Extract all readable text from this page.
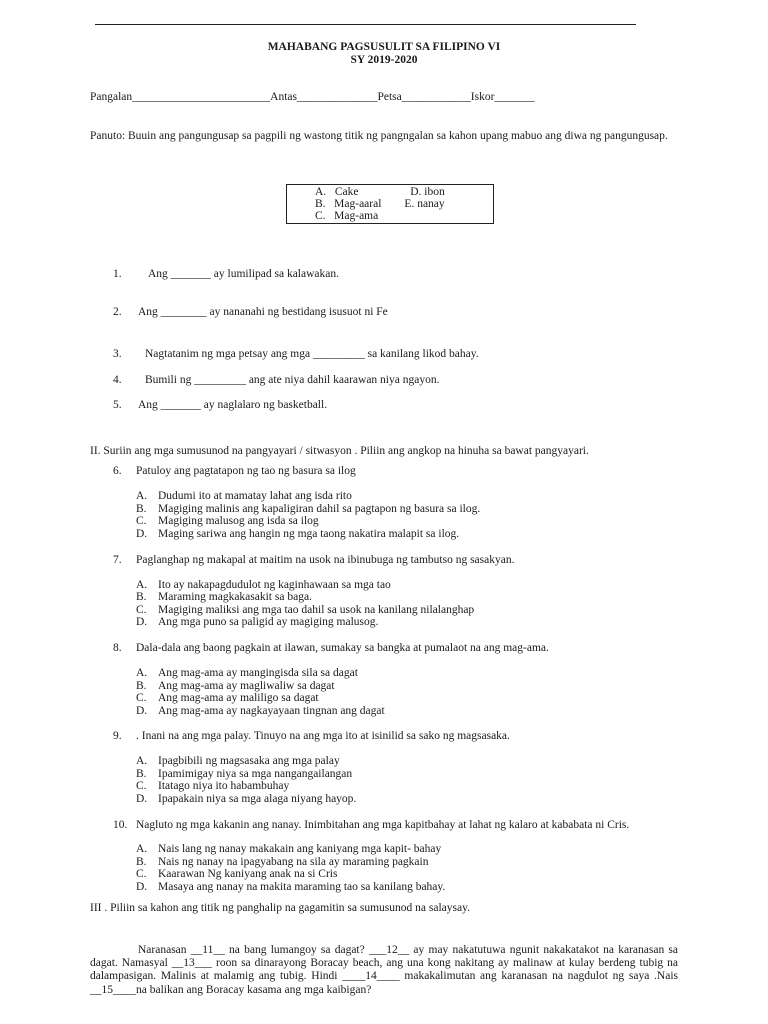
MAHABANG PAGSUSULIT SA FILIPINO VI
SY 2019-2020
Pangalan________________________Antas______________Petsa____________Iskor_______
Panuto: Buuin ang pangungusap sa pagpili ng wastong titik ng pangngalan sa kahon upang mabuo ang diwa ng pangungusap.
A. Cake	D. ibon
B. Mag-aaral E. nanay
C. Mag-ama
1. Ang _______ ay lumilipad sa kalawakan.
2. Ang ________ ay nananahi ng bestidang isusuot ni Fe
3. Nagtatanim ng mga petsay ang mga _________ sa kanilang likod bahay.
4. Bumili ng _________ ang ate niya dahil kaarawan niya ngayon.
5. Ang _______ ay naglalaro ng basketball.
II. Suriin ang mga sumusunod na pangyayari / sitwasyon . Piliin ang angkop na hinuha sa bawat pangyayari.
6. Patuloy ang pagtatapon ng tao ng basura sa ilog
A. Dudumi ito at mamatay lahat ang isda rito
B. Magiging malinis ang kapaligiran dahil sa pagtapon ng basura sa ilog.
C. Magiging malusog ang isda sa ilog
D. Maging sariwa ang hangin ng mga taong nakatira malapit sa ilog.
7. Paglanghap ng makapal at maitim na usok na ibinubuga ng tambutso ng sasakyan.
A. Ito ay nakapagdudulot ng kaginhawaan sa mga tao
B. Maraming magkakasakit sa baga.
C. Magiging maliksi ang mga tao dahil sa usok na kanilang nilalanghap
D. Ang mga puno sa paligid ay magiging malusog.
8. Dala-dala ang baong pagkain at ilawan, sumakay sa bangka at pumalaot na ang mag-ama.
A. Ang mag-ama ay mangingisda sila sa dagat
B. Ang mag-ama ay magliwaliw sa dagat
C. Ang mag-ama ay maliligo sa dagat
D. Ang mag-ama ay nagkayayaan tingnan ang dagat
9. . Inani na ang mga palay. Tinuyo na ang mga ito at isinilid sa sako ng magsasaka.
A. Ipagbibili ng magsasaka ang mga palay
B. Ipamimigay niya sa mga nangangailangan
C. Itatago niya ito habambuhay
D. Ipapakain niya sa mga alaga niyang hayop.
10. Nagluto ng mga kakanin ang nanay. Inimbitahan ang mga kapitbahay at lahat ng kalaro at kababata ni Cris.
A. Nais lang ng nanay makakain ang kaniyang mga kapit- bahay
B. Nais ng nanay na ipagyabang na sila ay maraming pagkain
C. Kaarawan Ng kaniyang anak na si Cris
D. Masaya ang nanay na makita maraming tao sa kanilang bahay.
III . Piliin sa kahon ang titik ng panghalip na gagamitin sa sumusunod na salaysay.
Naranasan __11__ na bang lumangoy sa dagat? ___12__ ay may nakatutuwa ngunit nakakatakot na karanasan sa dagat. Namasyal __13___ roon sa dinarayong Boracay beach, ang una kong nakitang ay malinaw at kulay berdeng tubig na dalampasigan. Malinis at malamig ang tubig. Hindi ____14____ makakalimutan ang karanasan na nagdulot ng saya .Nais __15____na balikan ang Boracay kasama ang mga kaibigan?
